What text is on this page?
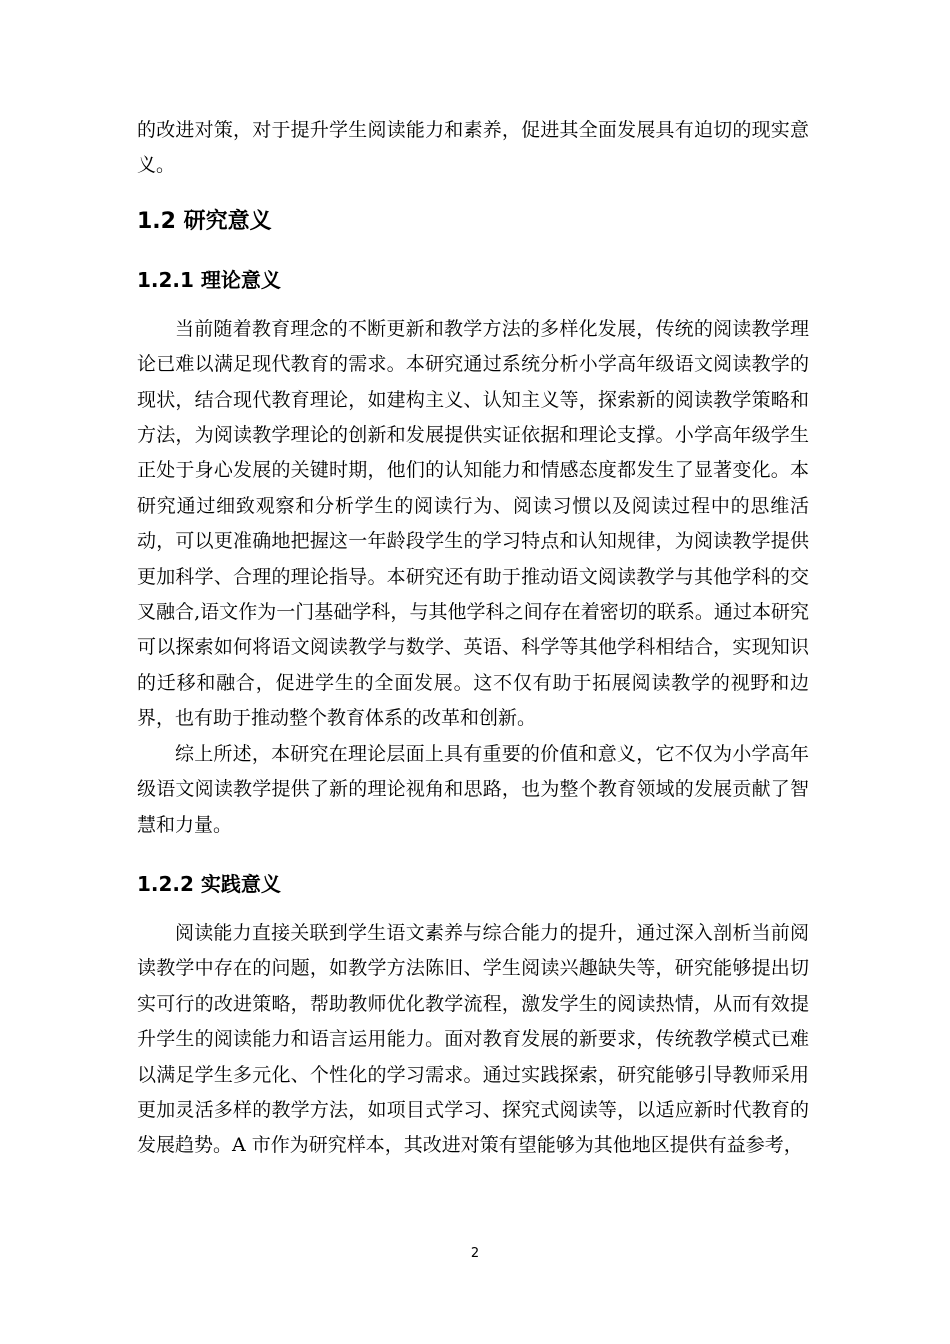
的改进对策，对于提升学生阅读能力和素养，促进其全面发展具有迫切的现实意义。

1.2 研究意义
1.2.1 理论意义

当前随着教育理念的不断更新和教学方法的多样化发展，传统的阅读教学理论已难以满足现代教育的需求。本研究通过系统分析小学高年级语文阅读教学的现状，结合现代教育理论，如建构主义、认知主义等，探索新的阅读教学策略和方法，为阅读教学理论的创新和发展提供实证依据和理论支撑。小学高年级学生正处于身心发展的关键时期，他们的认知能力和情感态度都发生了显著变化。本研究通过细致观察和分析学生的阅读行为、阅读习惯以及阅读过程中的思维活动，可以更准确地把握这一年龄段学生的学习特点和认知规律，为阅读教学提供更加科学、合理的理论指导。本研究还有助于推动语文阅读教学与其他学科的交叉融合,语文作为一门基础学科，与其他学科之间存在着密切的联系。通过本研究可以探索如何将语文阅读教学与数学、英语、科学等其他学科相结合，实现知识的迁移和融合，促进学生的全面发展。这不仅有助于拓展阅读教学的视野和边界，也有助于推动整个教育体系的改革和创新。

综上所述，本研究在理论层面上具有重要的价值和意义，它不仅为小学高年级语文阅读教学提供了新的理论视角和思路，也为整个教育领域的发展贡献了智慧和力量。

1.2.2 实践意义

阅读能力直接关联到学生语文素养与综合能力的提升，通过深入剖析当前阅读教学中存在的问题，如教学方法陈旧、学生阅读兴趣缺失等，研究能够提出切实可行的改进策略，帮助教师优化教学流程，激发学生的阅读热情，从而有效提升学生的阅读能力和语言运用能力。面对教育发展的新要求，传统教学模式已难以满足学生多元化、个性化的学习需求。通过实践探索，研究能够引导教师采用更加灵活多样的教学方法，如项目式学习、探究式阅读等，以适应新时代教育的发展趋势。A 市作为研究样本，其改进对策有望能够为其他地区提供有益参考，

2
